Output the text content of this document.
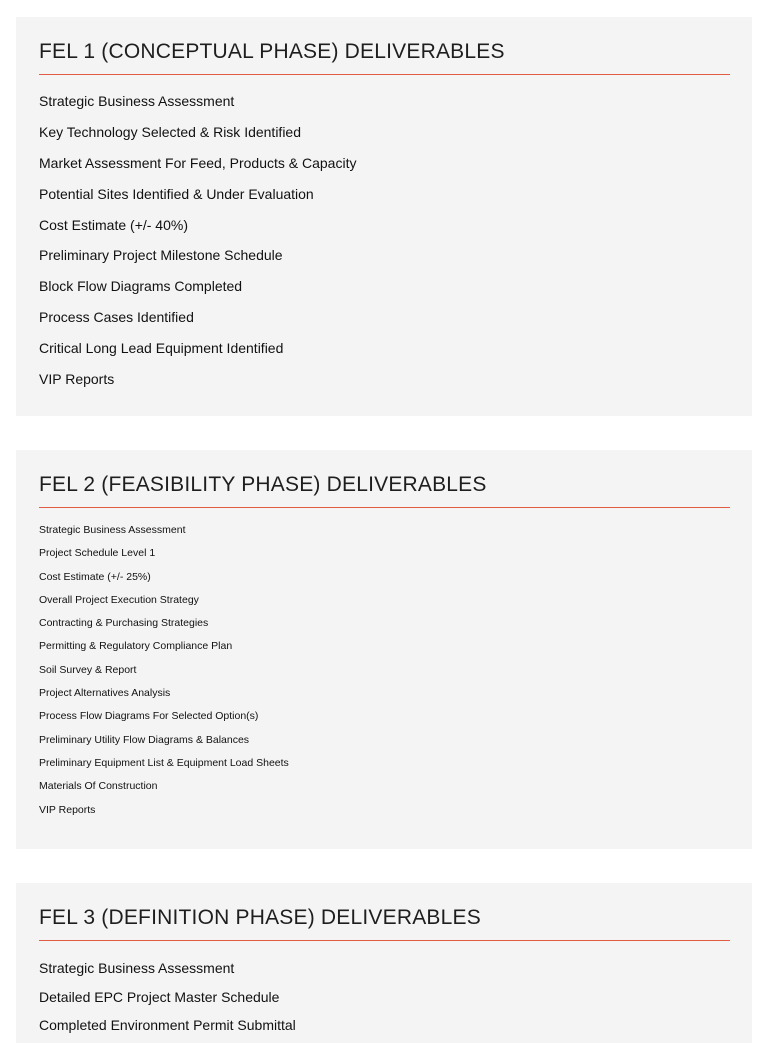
FEL 1 (CONCEPTUAL PHASE) DELIVERABLES
Strategic Business Assessment
Key Technology Selected & Risk Identified
Market Assessment For Feed, Products & Capacity
Potential Sites Identified & Under Evaluation
Cost Estimate (+/- 40%)
Preliminary Project Milestone Schedule
Block Flow Diagrams Completed
Process Cases Identified
Critical Long Lead Equipment Identified
VIP Reports
FEL 2 (FEASIBILITY PHASE) DELIVERABLES
Strategic Business Assessment
Project Schedule Level 1
Cost Estimate (+/- 25%)
Overall Project Execution Strategy
Contracting & Purchasing Strategies
Permitting & Regulatory Compliance Plan
Soil Survey & Report
Project Alternatives Analysis
Process Flow Diagrams For Selected Option(s)
Preliminary Utility Flow Diagrams & Balances
Preliminary Equipment List & Equipment Load Sheets
Materials Of Construction
VIP Reports
FEL 3 (DEFINITION PHASE) DELIVERABLES
Strategic Business Assessment
Detailed EPC Project Master Schedule
Completed Environment Permit Submittal
